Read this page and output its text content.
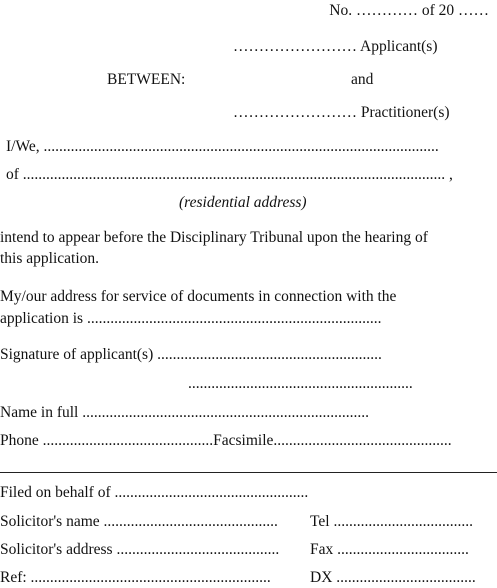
No. ………… of 20 ……
…………………… Applicant(s)
BETWEEN:	and
…………………… Practitioner(s)
I/We, ......................................................................................................
of ............................................................................................................. ,
(residential address)
intend to appear before the Disciplinary Tribunal upon the hearing of
this application.
My/our address for service of documents in connection with the
application is ............................................................................
Signature of applicant(s) ..........................................................
..........................................................
Name in full ..........................................................................
Phone ............................................Facsimile..............................................
Filed on behalf of ..................................................
Solicitor's name ............................................. Tel ....................................
Solicitor's address .......................................... Fax ..................................
Ref: ..............................................................	DX ....................................
